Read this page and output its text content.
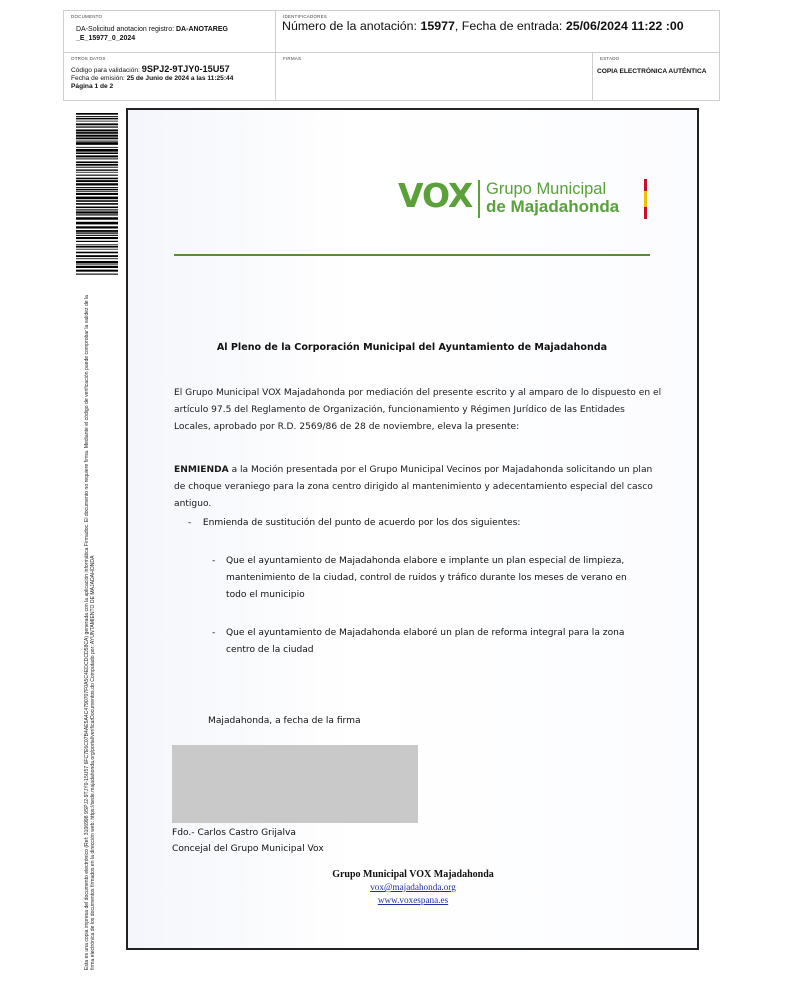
DOCUMENTO
DA-Solicitud anotacion registro: DA-ANOTAREG _E_15977_0_2024
IDENTIFICADORES
Número de la anotación: 15977, Fecha de entrada: 25/06/2024 11:22 :00
OTROS DATOS
Código para validación: 9SPJ2-9TJY0-15U57
Fecha de emisión: 25 de Junio de 2024 a las 11:25:44
Página 1 de 2
FIRMAS	ESTADO
COPIA ELECTRÓNICA AUTÉNTICA
Esta es una copia impresa del documento electrónico (Ref: 3106998 9SPJ2-9TJY0-15U57 6FC7E6C07B4AE5A4C4790707F0A5C4EDCDCD58CA) generada con la aplicación informática Firmadoc. El documento no requiere firma. Mediante el código de verificación puede comprobar la validez de la firma electrónica de los documentos firmados en la dirección web: https://sede.majadahonda.org/portal/verificarDocumentos.do Computado por: AYUNTAMIENTO DE MAJADAHONDA
VOX Grupo Municipal
de Majadahonda
Al Pleno de la Corporación Municipal del Ayuntamiento de Majadahonda
El Grupo Municipal VOX Majadahonda por mediación del presente escrito y al amparo de lo dispuesto en el artículo 97.5 del Reglamento de Organización, funcionamiento y Régimen Jurídico de las Entidades Locales, aprobado por R.D. 2569/86 de 28 de noviembre, eleva la presente:
ENMIENDA a la Moción presentada por el Grupo Municipal Vecinos por Majadahonda solicitando un plan de choque veraniego para la zona centro dirigido al mantenimiento y adecentamiento especial del casco antiguo.
- Enmienda de sustitución del punto de acuerdo por los dos siguientes:
- Que el ayuntamiento de Majadahonda elabore e implante un plan especial de limpieza, mantenimiento de la ciudad, control de ruidos y tráfico durante los meses de verano en todo el municipio
- Que el ayuntamiento de Majadahonda elaboré un plan de reforma integral para la zona centro de la ciudad
Majadahonda, a fecha de la firma
Fdo.- Carlos Castro Grijalva
Concejal del Grupo Municipal Vox
Grupo Municipal VOX Majadahonda
vox@majadahonda.org
www.voxespana.es
